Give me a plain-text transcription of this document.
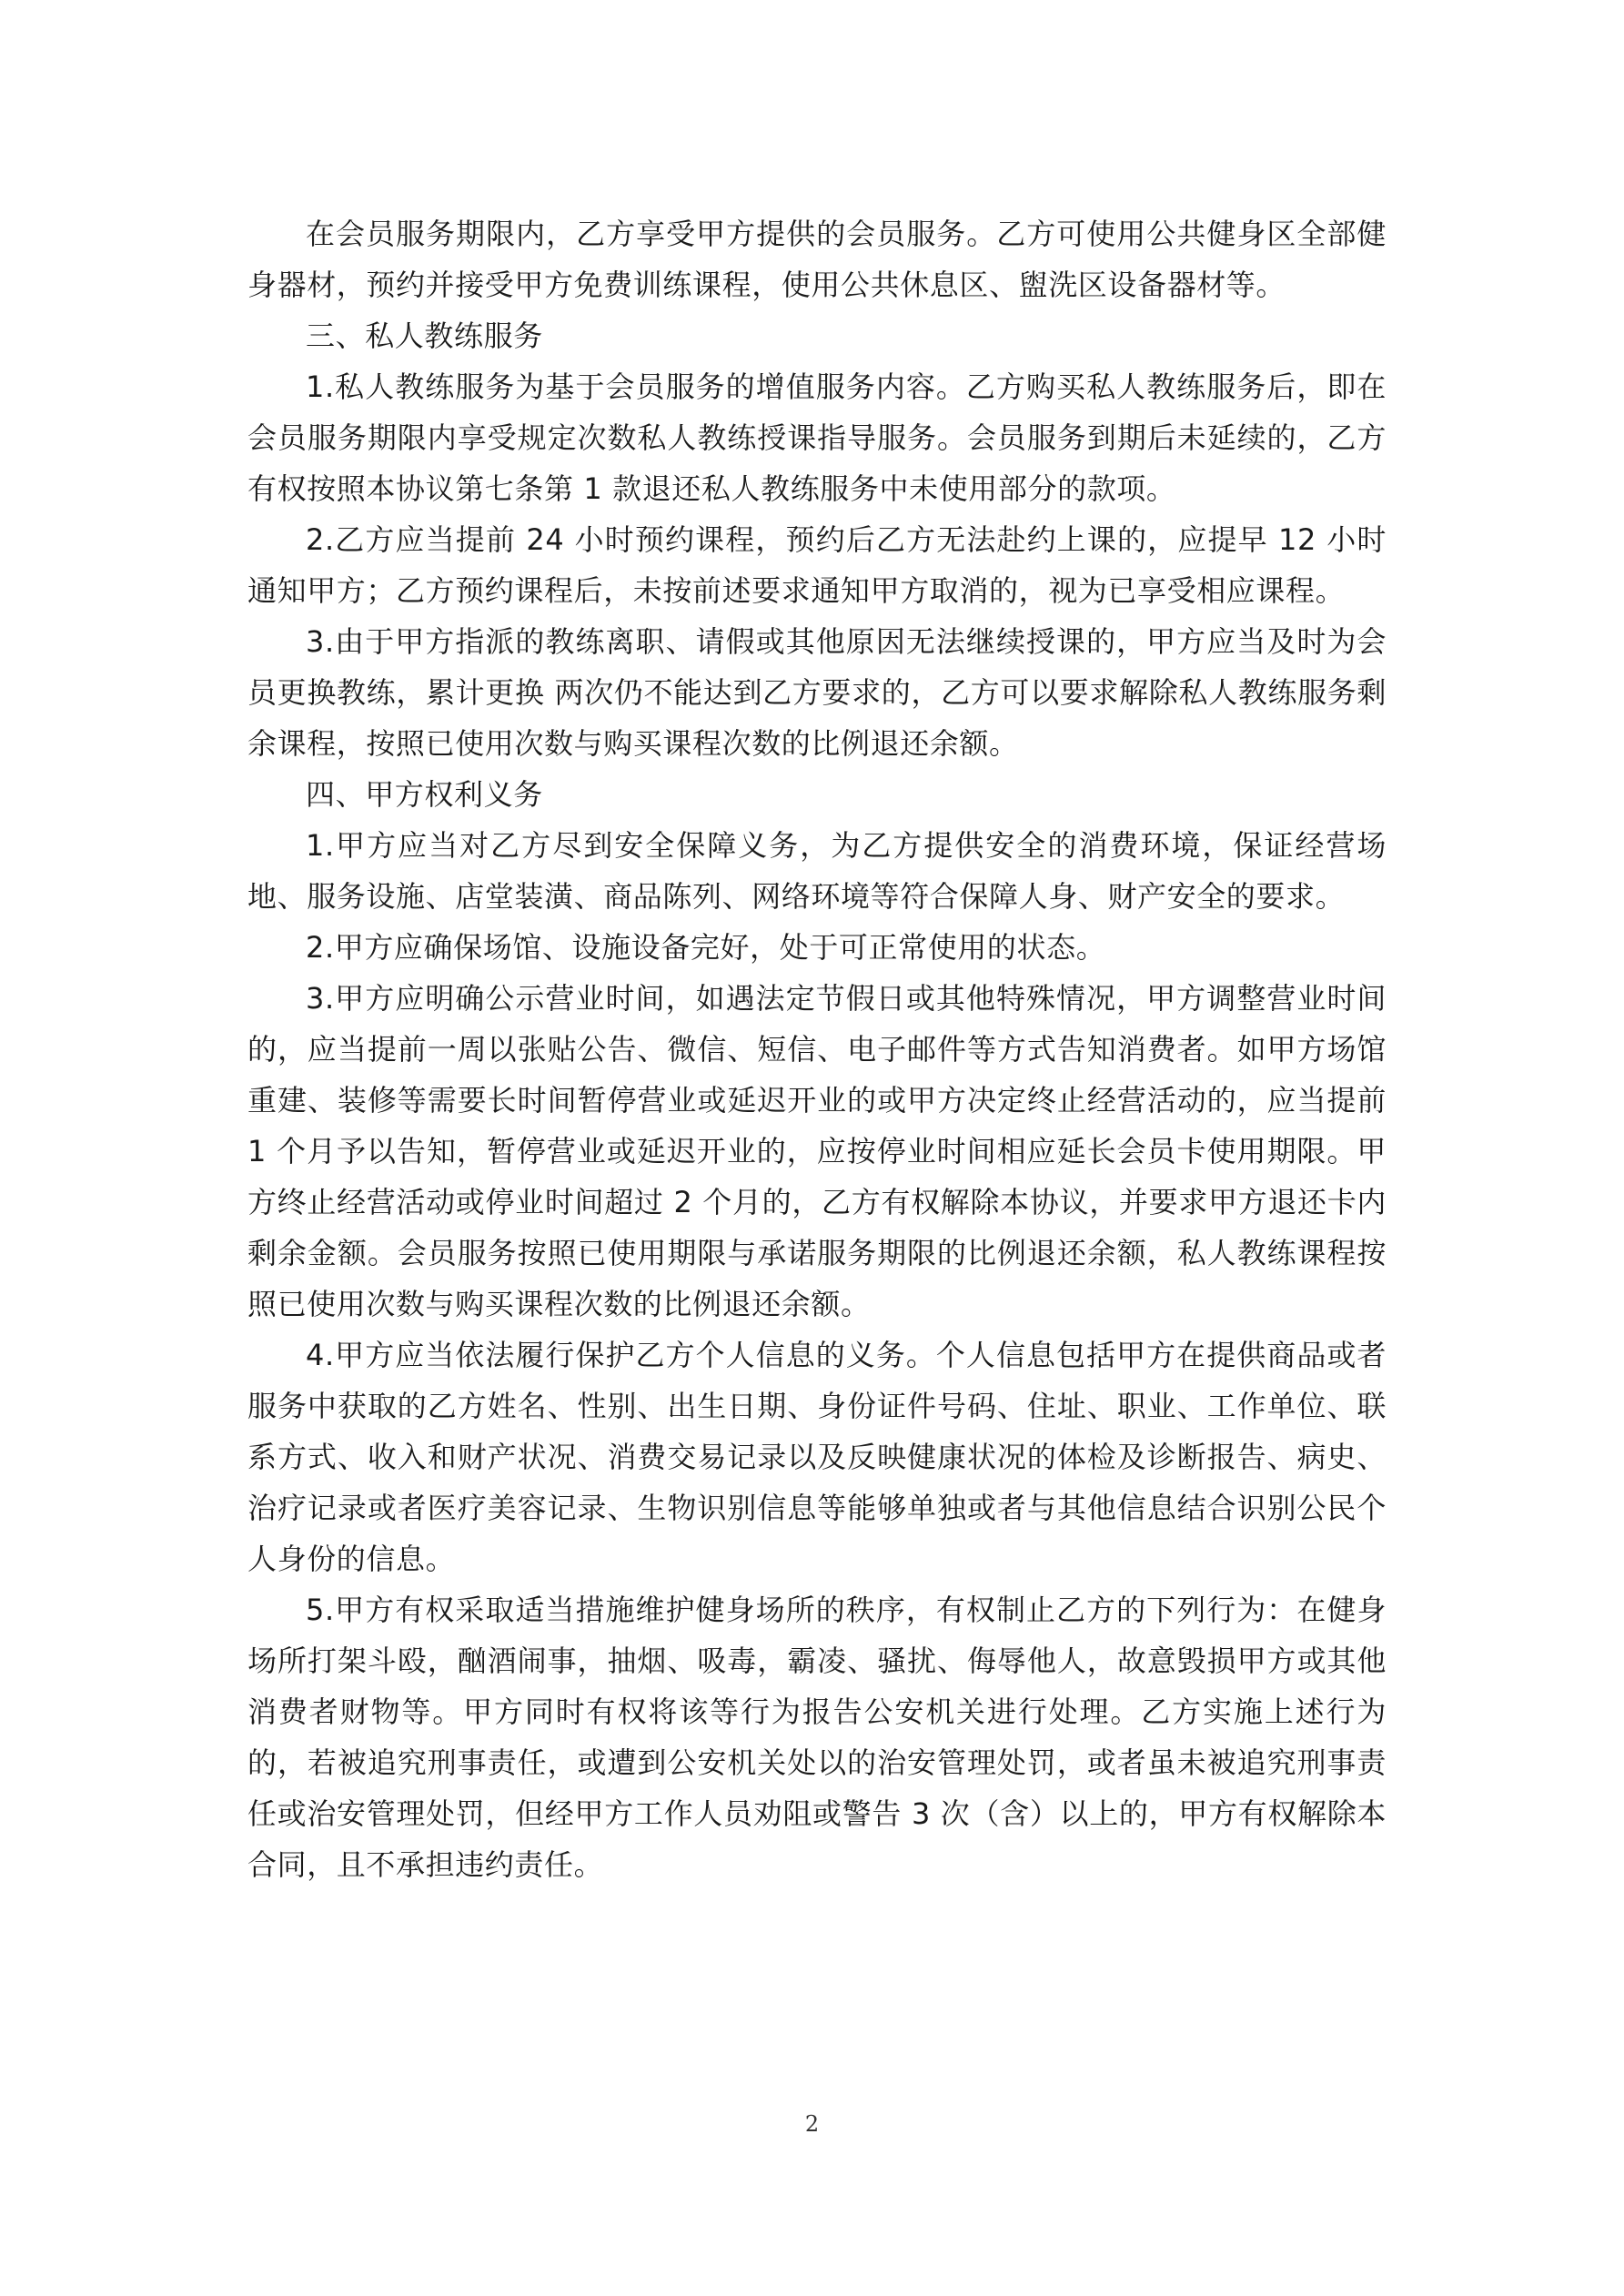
在会员服务期限内，乙方享受甲方提供的会员服务。乙方可使用公共健身区全部健身器材，预约并接受甲方免费训练课程，使用公共休息区、盥洗区设备器材等。

三、私人教练服务

1.私人教练服务为基于会员服务的增值服务内容。乙方购买私人教练服务后，即在会员服务期限内享受规定次数私人教练授课指导服务。会员服务到期后未延续的，乙方有权按照本协议第七条第 1 款退还私人教练服务中未使用部分的款项。

2.乙方应当提前 24 小时预约课程，预约后乙方无法赴约上课的，应提早 12 小时通知甲方；乙方预约课程后，未按前述要求通知甲方取消的，视为已享受相应课程。

3.由于甲方指派的教练离职、请假或其他原因无法继续授课的，甲方应当及时为会员更换教练，累计更换 两次仍不能达到乙方要求的，乙方可以要求解除私人教练服务剩余课程，按照已使用次数与购买课程次数的比例退还余额。

四、甲方权利义务

1.甲方应当对乙方尽到安全保障义务，为乙方提供安全的消费环境，保证经营场地、服务设施、店堂装潢、商品陈列、网络环境等符合保障人身、财产安全的要求。

2.甲方应确保场馆、设施设备完好，处于可正常使用的状态。

3.甲方应明确公示营业时间，如遇法定节假日或其他特殊情况，甲方调整营业时间的，应当提前一周以张贴公告、微信、短信、电子邮件等方式告知消费者。如甲方场馆重建、装修等需要长时间暂停营业或延迟开业的或甲方决定终止经营活动的，应当提前 1 个月予以告知，暂停营业或延迟开业的，应按停业时间相应延长会员卡使用期限。甲方终止经营活动或停业时间超过 2 个月的，乙方有权解除本协议，并要求甲方退还卡内剩余金额。会员服务按照已使用期限与承诺服务期限的比例退还余额，私人教练课程按照已使用次数与购买课程次数的比例退还余额。

4.甲方应当依法履行保护乙方个人信息的义务。个人信息包括甲方在提供商品或者服务中获取的乙方姓名、性别、出生日期、身份证件号码、住址、职业、工作单位、联系方式、收入和财产状况、消费交易记录以及反映健康状况的体检及诊断报告、病史、治疗记录或者医疗美容记录、生物识别信息等能够单独或者与其他信息结合识别公民个人身份的信息。

5.甲方有权采取适当措施维护健身场所的秩序，有权制止乙方的下列行为：在健身场所打架斗殴，酗酒闹事，抽烟、吸毒，霸凌、骚扰、侮辱他人，故意毁损甲方或其他消费者财物等。甲方同时有权将该等行为报告公安机关进行处理。乙方实施上述行为的，若被追究刑事责任，或遭到公安机关处以的治安管理处罚，或者虽未被追究刑事责任或治安管理处罚，但经甲方工作人员劝阻或警告 3 次（含）以上的，甲方有权解除本合同，且不承担违约责任。

2
